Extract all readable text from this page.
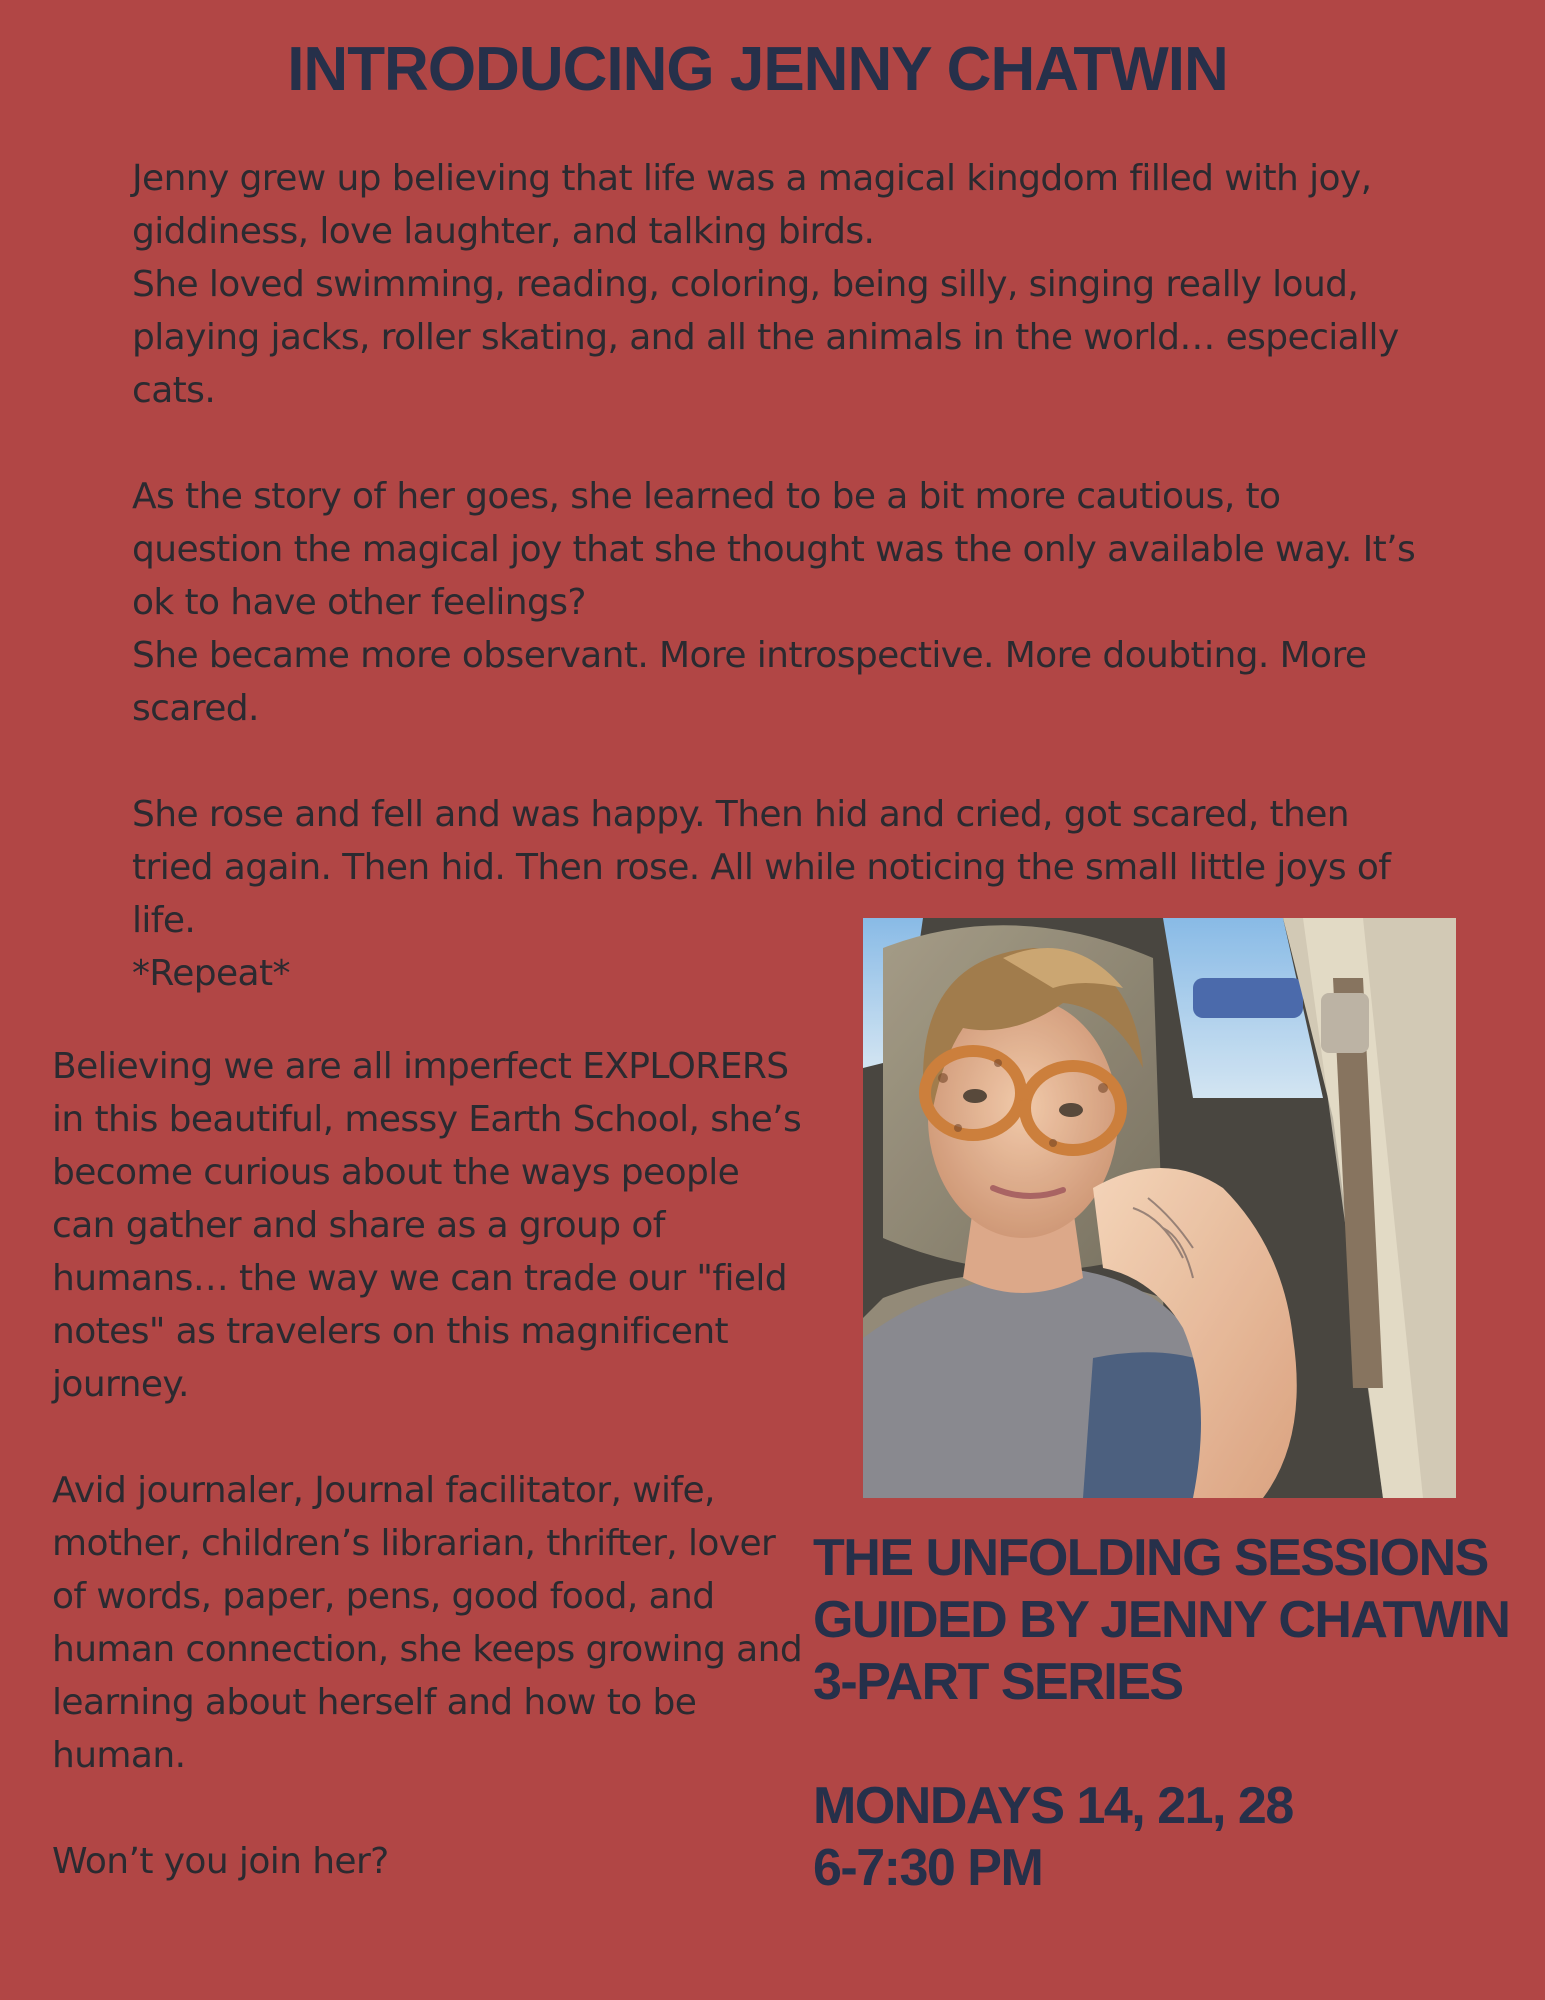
INTRODUCING JENNY CHATWIN

Jenny grew up believing that life was a magical kingdom filled with joy, giddiness, love laughter, and talking birds.

She loved swimming, reading, coloring, being silly, singing really loud, playing jacks, roller skating, and all the animals in the world… especially cats.

As the story of her goes, she learned to be a bit more cautious, to question the magical joy that she thought was the only available way. It’s ok to have other feelings?

She became more observant. More introspective. More doubting. More scared.

She rose and fell and was happy. Then hid and cried, got scared, then tried again. Then hid. Then rose. All while noticing the small little joys of life.

*Repeat*

Believing we are all imperfect EXPLORERS in this beautiful, messy Earth School, she’s become curious about the ways people can gather and share as a group of humans… the way we can trade our "field notes" as travelers on this magnificent journey.

Avid journaler, Journal facilitator, wife, mother, children’s librarian, thrifter, lover of words, paper, pens, good food, and human connection, she keeps growing and learning about herself and how to be human.

Won’t you join her?

THE UNFOLDING SESSIONS GUIDED BY JENNY CHATWIN

3-PART SERIES

MONDAYS 14, 21, 28

6-7:30 PM
